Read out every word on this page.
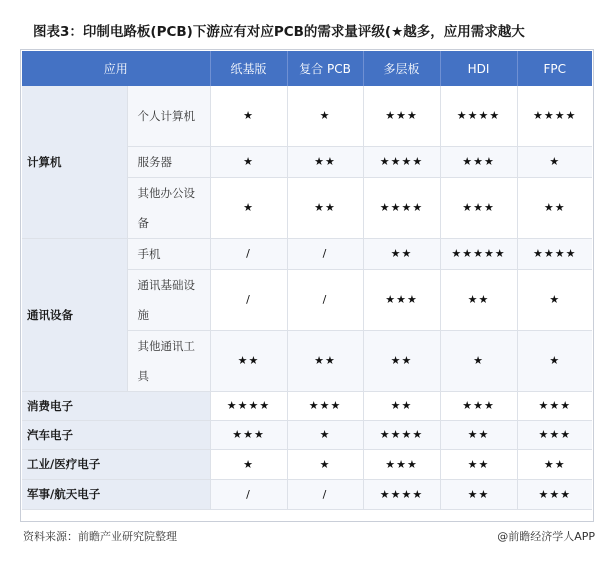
图表3：印制电路板(PCB)下游应有对应PCB的需求量评级(★越多，应用需求越大
应用		纸基版	复合 PCB	多层板	HDI	FPC
计算机	个人计算机	★	★	★★★	★★★★	★★★★
	服务器	★	★★	★★★★	★★★	★
	其他办公设备	★	★★	★★★★	★★★	★★
通讯设备	手机	/	/	★★	★★★★★	★★★★
	通讯基础设施	/	/	★★★	★★	★
	其他通讯工具	★★	★★	★★	★	★
消费电子		★★★★	★★★	★★	★★★	★★★
汽车电子		★★★	★	★★★★	★★	★★★
工业/医疗电子		★	★	★★★	★★	★★
军事/航天电子		/	/	★★★★	★★	★★★
资料来源：前瞻产业研究院整理	@前瞻经济学人APP
